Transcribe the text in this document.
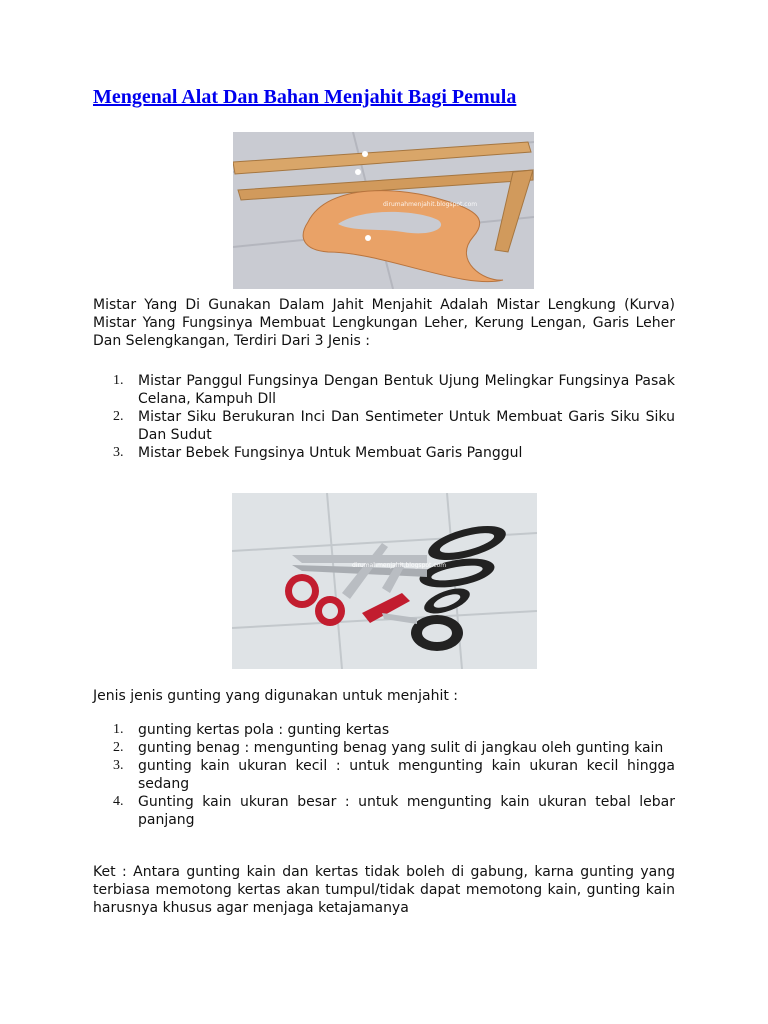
Mengenal Alat Dan Bahan Menjahit Bagi Pemula
dirumahmenjahit.blogspot.com

Mistar Yang Di Gunakan Dalam Jahit Menjahit Adalah Mistar Lengkung (Kurva) Mistar Yang Fungsinya Membuat Lengkungan Leher, Kerung Lengan, Garis Leher Dan Selengkangan, Terdiri Dari 3 Jenis :

1. Mistar Panggul Fungsinya Dengan Bentuk Ujung Melingkar Fungsinya Pasak Celana, Kampuh Dll
2. Mistar Siku Berukuran Inci Dan Sentimeter Untuk Membuat Garis Siku Siku Dan Sudut
3. Mistar Bebek Fungsinya Untuk Membuat Garis Panggul
dirumahmenjahit.blogspot.com

Jenis jenis gunting yang digunakan untuk menjahit :

1. gunting kertas pola : gunting kertas
2. gunting benag : mengunting benag yang sulit di jangkau oleh gunting kain
3. gunting kain ukuran kecil : untuk mengunting kain ukuran kecil hingga sedang
4. Gunting kain ukuran besar : untuk mengunting kain ukuran tebal lebar panjang

Ket : Antara gunting kain dan kertas tidak boleh di gabung, karna gunting yang terbiasa memotong kertas akan tumpul/tidak dapat memotong kain, gunting kain harusnya khusus agar menjaga ketajamanya
